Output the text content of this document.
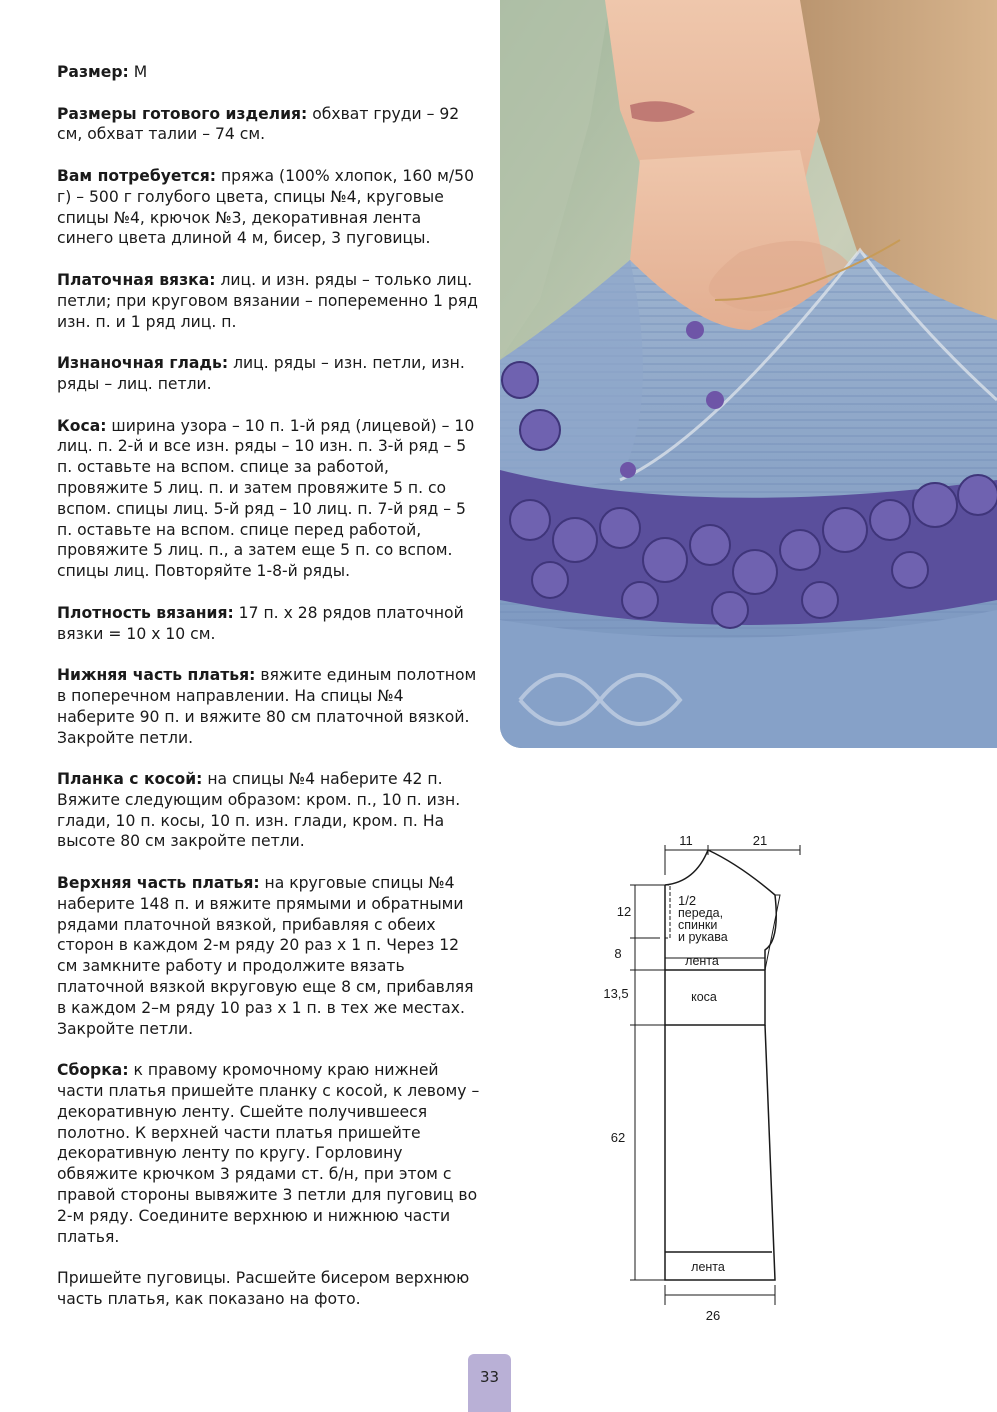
Размер: M

Размеры готового изделия: обхват груди – 92 см, обхват талии – 74 см.

Вам потребуется: пряжа (100% хлопок, 160 м/50 г) – 500 г голубого цвета, спицы №4, круговые спицы №4, крючок №3, декоративная лента синего цвета длиной 4 м, бисер, 3 пуговицы.

Платочная вязка: лиц. и изн. ряды – только лиц. петли; при круговом вязании – попеременно 1 ряд изн. п. и 1 ряд лиц. п.

Изнаночная гладь: лиц. ряды – изн. петли, изн. ряды – лиц. петли.

Коса: ширина узора – 10 п. 1-й ряд (лицевой) – 10 лиц. п. 2-й и все изн. ряды – 10 изн. п. 3-й ряд – 5 п. оставьте на вспом. спице за работой, провяжите 5 лиц. п. и затем провяжите 5 п. со вспом. спицы лиц. 5-й ряд – 10 лиц. п. 7-й ряд – 5 п. оставьте на вспом. спице перед работой, провяжите 5 лиц. п., а затем еще 5 п. со вспом. спицы лиц. Повторяйте 1-8-й ряды.

Плотность вязания: 17 п. х 28 рядов платочной вязки = 10 х 10 см.

Нижняя часть платья: вяжите единым полотном в поперечном направлении. На спицы №4 наберите 90 п. и вяжите 80 см платочной вязкой. Закройте петли.

Планка с косой: на спицы №4 наберите 42 п. Вяжите следующим образом: кром. п., 10 п. изн. глади, 10 п. косы, 10 п. изн. глади, кром. п. На высоте 80 см закройте петли.

Верхняя часть платья: на круговые спицы №4 наберите 148 п. и вяжите прямыми и обратными рядами платочной вязкой, прибавляя с обеих сторон в каждом 2-м ряду 20 раз х 1 п. Через 12 см замкните работу и продолжите вязать платочной вязкой вкруговую еще 8 см, прибавляя в каждом 2–м ряду 10 раз х 1 п. в тех же местах. Закройте петли.

Сборка: к правому кромочному краю нижней части платья пришейте планку с косой, к левому – декоративную ленту. Сшейте получившееся полотно. К верхней части платья пришейте декоративную ленту по кругу. Горловину обвяжите крючком 3 рядами ст. б/н, при этом с правой стороны вывяжите 3 петли для пуговиц во 2-м ряду. Соедините верхнюю и нижнюю части платья.

Пришейте пуговицы. Расшейте бисером верхнюю часть платья, как показано на фото.

11	21
12
8
13,5
62
26
1/2
переда,
спинки
и рукава
лента
коса
лента
33
